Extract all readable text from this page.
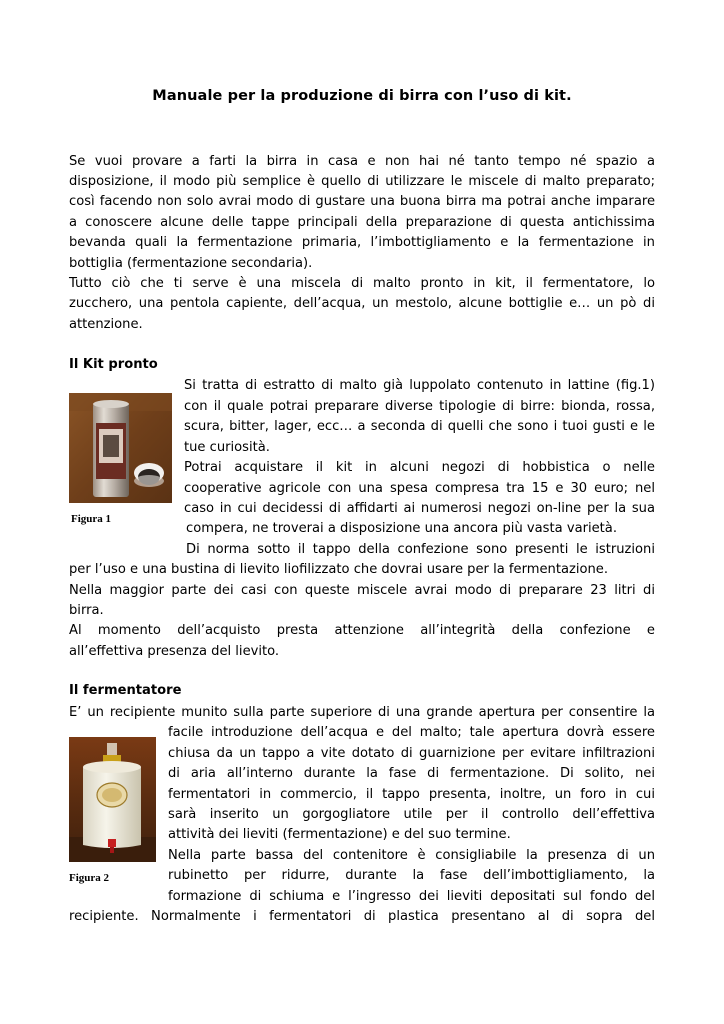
Manuale per la produzione di birra con l’uso di kit.
Se vuoi provare a farti la birra in casa e non hai né tanto tempo né spazio a
disposizione, il modo più semplice è quello di utilizzare le miscele di malto preparato;
così facendo non solo avrai modo di gustare una buona birra ma potrai anche imparare
a conoscere alcune delle tappe principali della preparazione di questa antichissima
bevanda quali la fermentazione primaria, l’imbottigliamento e la fermentazione in
bottiglia (fermentazione secondaria).
Tutto ciò che ti serve è una miscela di malto pronto in kit, il fermentatore, lo
zucchero, una pentola capiente, dell’acqua, un mestolo, alcune bottiglie e… un pò di
attenzione.
Il Kit pronto
Figura 1
Si tratta di estratto di malto già luppolato contenuto in lattine (fig.1)
con il quale potrai preparare diverse tipologie di birre: bionda, rossa,
scura, bitter, lager, ecc… a seconda di quelli che sono i tuoi gusti e le
tue curiosità.
Potrai acquistare il kit in alcuni negozi di hobbistica o nelle
cooperative agricole con una spesa compresa tra 15 e 30 euro; nel
caso in cui decidessi di affidarti ai numerosi negozi on-line per la sua
compera, ne troverai a disposizione una ancora più vasta varietà.
Di norma sotto il tappo della confezione sono presenti le istruzioni
per l’uso e una bustina di lievito liofilizzato che dovrai usare per la fermentazione.
Nella maggior parte dei casi con queste miscele avrai modo di preparare 23 litri di
birra.
Al momento dell’acquisto presta attenzione all’integrità della confezione e
all’effettiva presenza del lievito.
Il fermentatore
E’ un recipiente munito sulla parte superiore di una grande apertura per consentire la
Figura 2
facile introduzione dell’acqua e del malto; tale apertura dovrà essere
chiusa da un tappo a vite dotato di guarnizione per evitare infiltrazioni
di aria all’interno durante la fase di fermentazione. Di solito, nei
fermentatori in commercio, il tappo presenta, inoltre, un foro in cui
sarà inserito un gorgogliatore utile per il controllo dell’effettiva
attività dei lieviti (fermentazione) e del suo termine.
Nella parte bassa del contenitore è consigliabile la presenza di un
rubinetto per ridurre, durante la fase dell’imbottigliamento, la
formazione di schiuma e l’ingresso dei lieviti depositati sul fondo del
recipiente. Normalmente i fermentatori di plastica presentano al di sopra del
